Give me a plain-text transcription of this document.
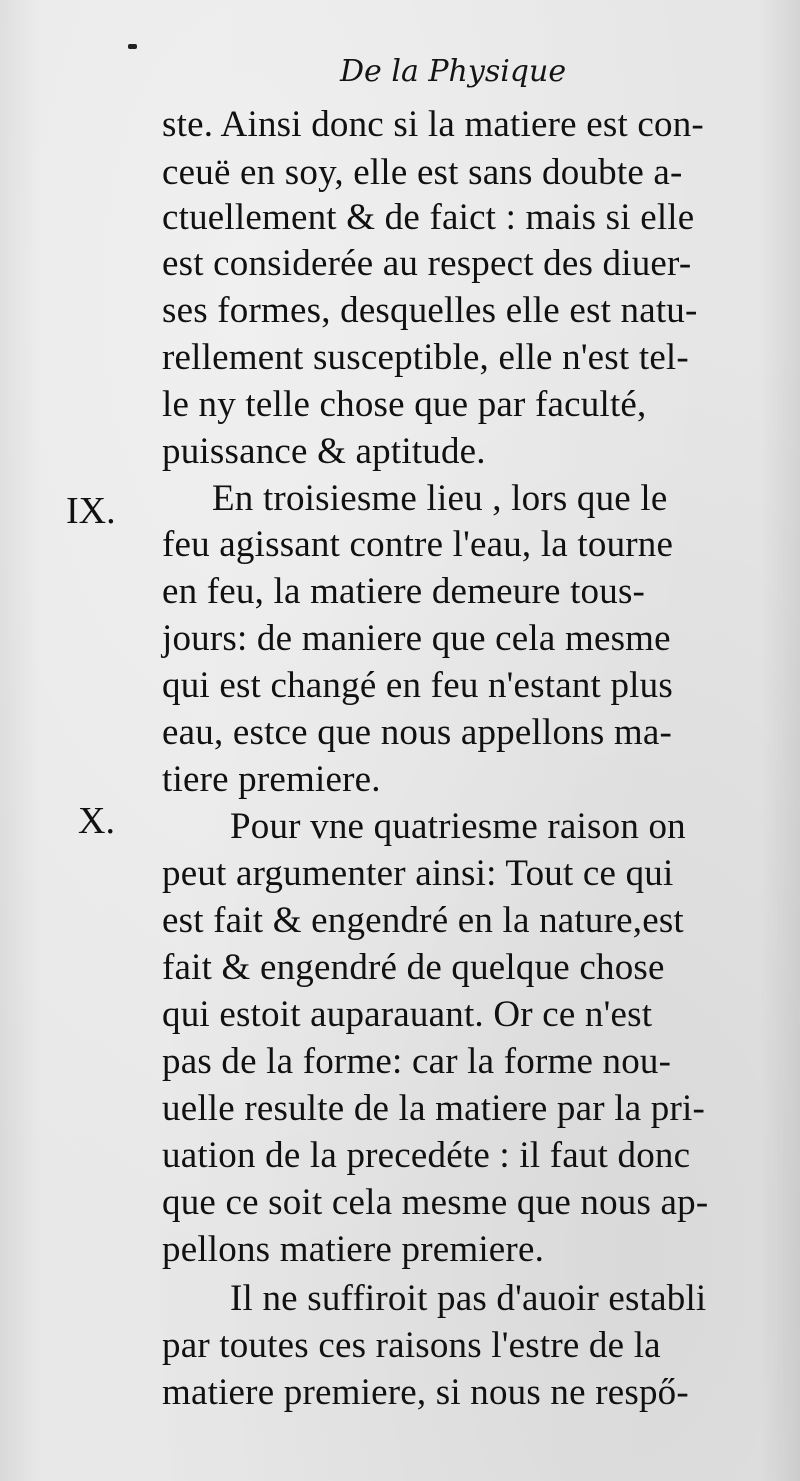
De la Physique
ste. Ainsi donc si la matiere est con-
ceuë en soy, elle est sans doubte a-
ctuellement & de faict : mais si elle
est considerée au respect des diuer-
ses formes, desquelles elle est natu-
rellement susceptible, elle n'est tel-
le ny telle chose que par faculté,
puissance & aptitude.
IX.	En troisiesme lieu , lors que le
feu agissant contre l'eau, la tourne
en feu, la matiere demeure tous-
jours: de maniere que cela mesme
qui est changé en feu n'estant plus
eau, estce que nous appellons ma-
tiere premiere.
X.	Pour vne quatriesme raison on
peut argumenter ainsi: Tout ce qui
est fait & engendré en la nature,est
fait & engendré de quelque chose
qui estoit auparauant. Or ce n'est
pas de la forme: car la forme nou-
uelle resulte de la matiere par la pri-
uation de la precedéte : il faut donc
que ce soit cela mesme que nous ap-
pellons matiere premiere.
Il ne suffiroit pas d'auoir establi
par toutes ces raisons l'estre de la
matiere premiere, si nous ne respő-
